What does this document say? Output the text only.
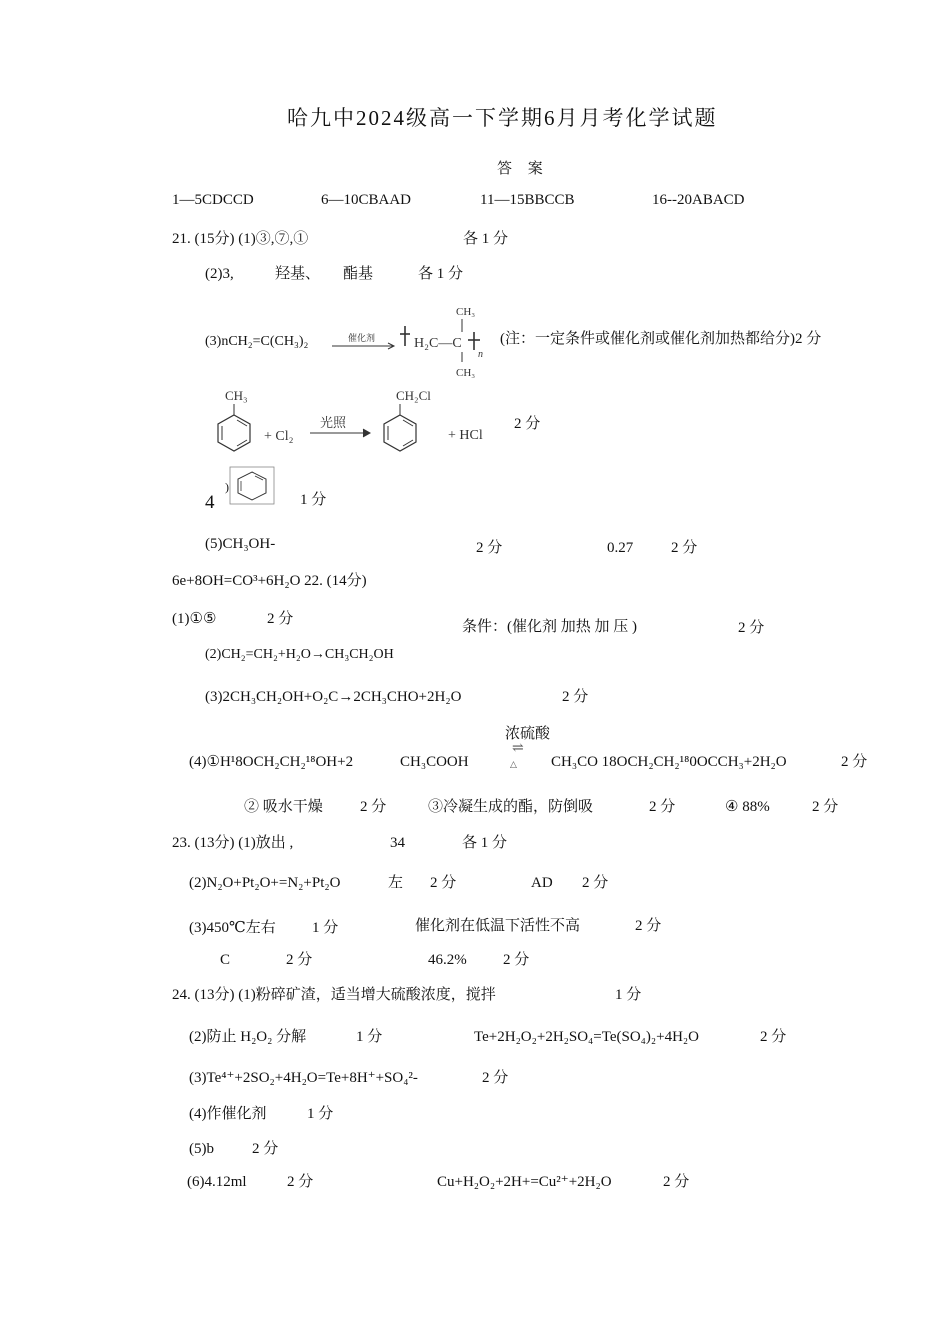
哈九中2024级高一下学期6月月考化学试题
答 案
1—5CDCCD	6—10CBAAD	11—15BBCCB	16--20ABACD
21. (15分) (1)③,⑦,①	各 1 分
(2)3,	羟基、 酯基	各 1 分
(3)nCH₂=C(CH₃)₂	催化剂
CH₃
H₂C—C
n
CH₃
(注：一定条件或催化剂或催化剂加热都给分)2 分
CH₃
+ Cl₂
光照
CH₂Cl
+ HCl
2 分
4
)
1 分
(5)CH₃OH-	2 分	0.27	2 分
6e+8OH=CO³+6H₂O 22. (14分)
(1)①⑤	2 分	条件：(催化剂 加热 加 压 )	2 分
(2)CH₂=CH₂+H₂O→CH₃CH₂OH
(3)2CH₃CH₂OH+O₂C→2CH₃CHO+2H₂O	2 分
浓硫酸
⇌
△
(4)①H¹8OCH₂CH₂¹⁸OH+2	CH₃COOH	CH₃CO 18OCH₂CH₂¹⁸0OCCH₃+2H₂O	2 分
② 吸水干燥 2 分	③冷凝生成的酯，防倒吸	2 分	④ 88%	2 分
23. (13分) (1)放出 ,	34	各 1 分
(2)N₂O+Pt₂O+=N₂+Pt₂O	左 2 分	AD 2 分
(3)450℃左右 1 分	催化剂在低温下活性不高	2 分
C	2 分	46.2% 2 分
24. (13分) (1)粉碎矿渣，适当增大硫酸浓度，搅拌	1 分
(2)防止 H₂O₂ 分解	1 分	Te+2H₂O₂+2H₂SO₄=Te(SO₄)₂+4H₂O	2 分
(3)Te⁴⁺+2SO₂+4H₂O=Te+8H⁺+SO₄²-	2 分
(4)作催化剂	1 分
(5)b	2 分
(6)4.12ml	2 分	Cu+H₂O₂+2H+=Cu²⁺+2H₂O	2 分
